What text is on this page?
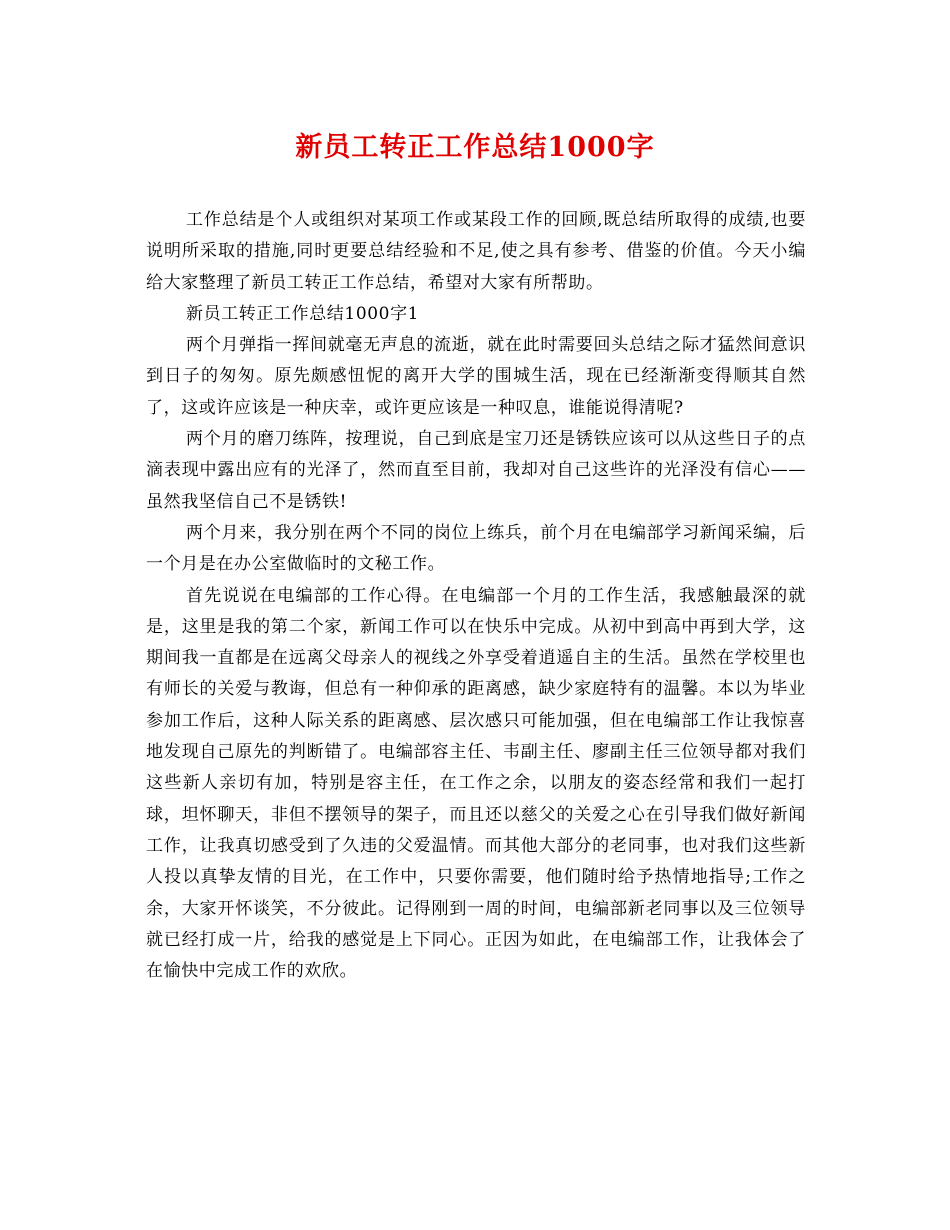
新员工转正工作总结1000字

工作总结是个人或组织对某项工作或某段工作的回顾,既总结所取得的成绩,也要说明所采取的措施,同时更要总结经验和不足,使之具有参考、借鉴的价值。今天小编给大家整理了新员工转正工作总结，希望对大家有所帮助。

新员工转正工作总结1000字1

两个月弹指一挥间就毫无声息的流逝，就在此时需要回头总结之际才猛然间意识到日子的匆匆。原先颇感忸怩的离开大学的围城生活，现在已经渐渐变得顺其自然了，这或许应该是一种庆幸，或许更应该是一种叹息，谁能说得清呢?

两个月的磨刀练阵，按理说，自己到底是宝刀还是锈铁应该可以从这些日子的点滴表现中露出应有的光泽了，然而直至目前，我却对自己这些许的光泽没有信心——虽然我坚信自己不是锈铁!

两个月来，我分别在两个不同的岗位上练兵，前个月在电编部学习新闻采编，后一个月是在办公室做临时的文秘工作。

首先说说在电编部的工作心得。在电编部一个月的工作生活，我感触最深的就是，这里是我的第二个家，新闻工作可以在快乐中完成。从初中到高中再到大学，这期间我一直都是在远离父母亲人的视线之外享受着逍遥自主的生活。虽然在学校里也有师长的关爱与教诲，但总有一种仰承的距离感，缺少家庭特有的温馨。本以为毕业参加工作后，这种人际关系的距离感、层次感只可能加强，但在电编部工作让我惊喜地发现自己原先的判断错了。电编部容主任、韦副主任、廖副主任三位领导都对我们这些新人亲切有加，特别是容主任，在工作之余，以朋友的姿态经常和我们一起打球，坦怀聊天，非但不摆领导的架子，而且还以慈父的关爱之心在引导我们做好新闻工作，让我真切感受到了久违的父爱温情。而其他大部分的老同事，也对我们这些新人投以真挚友情的目光，在工作中，只要你需要，他们随时给予热情地指导;工作之余，大家开怀谈笑，不分彼此。记得刚到一周的时间，电编部新老同事以及三位领导就已经打成一片，给我的感觉是上下同心。正因为如此，在电编部工作，让我体会了在愉快中完成工作的欢欣。
